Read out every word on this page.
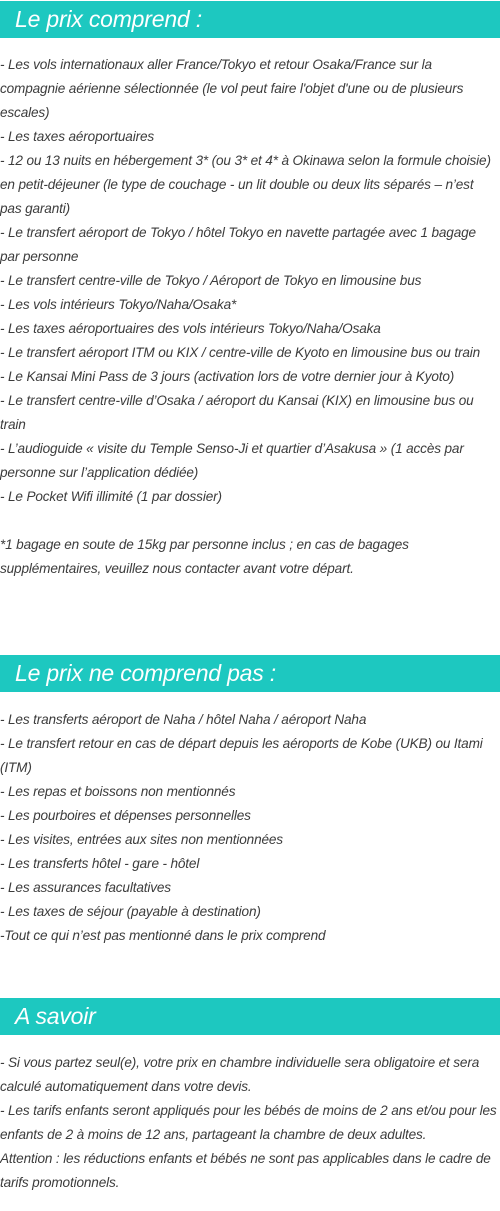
Le prix comprend :
- Les vols internationaux aller France/Tokyo et retour Osaka/France sur la compagnie aérienne sélectionnée (le vol peut faire l'objet d'une ou de plusieurs escales)
- Les taxes aéroportuaires
- 12 ou 13 nuits en hébergement 3* (ou 3* et 4* à Okinawa selon la formule choisie) en petit-déjeuner (le type de couchage - un lit double ou deux lits séparés – n’est pas garanti)
- Le transfert aéroport de Tokyo / hôtel Tokyo en navette partagée avec 1 bagage par personne
- Le transfert centre-ville de Tokyo / Aéroport de Tokyo en limousine bus
- Les vols intérieurs Tokyo/Naha/Osaka*
- Les taxes aéroportuaires des vols intérieurs Tokyo/Naha/Osaka
- Le transfert aéroport ITM ou KIX / centre-ville de Kyoto en limousine bus ou train
- Le Kansai Mini Pass de 3 jours (activation lors de votre dernier jour à Kyoto)
- Le transfert centre-ville d’Osaka / aéroport du Kansai (KIX) en limousine bus ou train
- L’audioguide « visite du Temple Senso-Ji et quartier d’Asakusa » (1 accès par personne sur l’application dédiée)
- Le Pocket Wifi illimité (1 par dossier)
*1 bagage en soute de 15kg par personne inclus ; en cas de bagages supplémentaires, veuillez nous contacter avant votre départ.
Le prix ne comprend pas :
- Les transferts aéroport de Naha / hôtel Naha / aéroport Naha
- Le transfert retour en cas de départ depuis les aéroports de Kobe (UKB) ou Itami (ITM)
- Les repas et boissons non mentionnés
- Les pourboires et dépenses personnelles
- Les visites, entrées aux sites non mentionnées
- Les transferts hôtel - gare - hôtel
- Les assurances facultatives
- Les taxes de séjour (payable à destination)
-Tout ce qui n’est pas mentionné dans le prix comprend
A savoir
- Si vous partez seul(e), votre prix en chambre individuelle sera obligatoire et sera calculé automatiquement dans votre devis.
- Les tarifs enfants seront appliqués pour les bébés de moins de 2 ans et/ou pour les enfants de 2 à moins de 12 ans, partageant la chambre de deux adultes.
Attention : les réductions enfants et bébés ne sont pas applicables dans le cadre de tarifs promotionnels.
